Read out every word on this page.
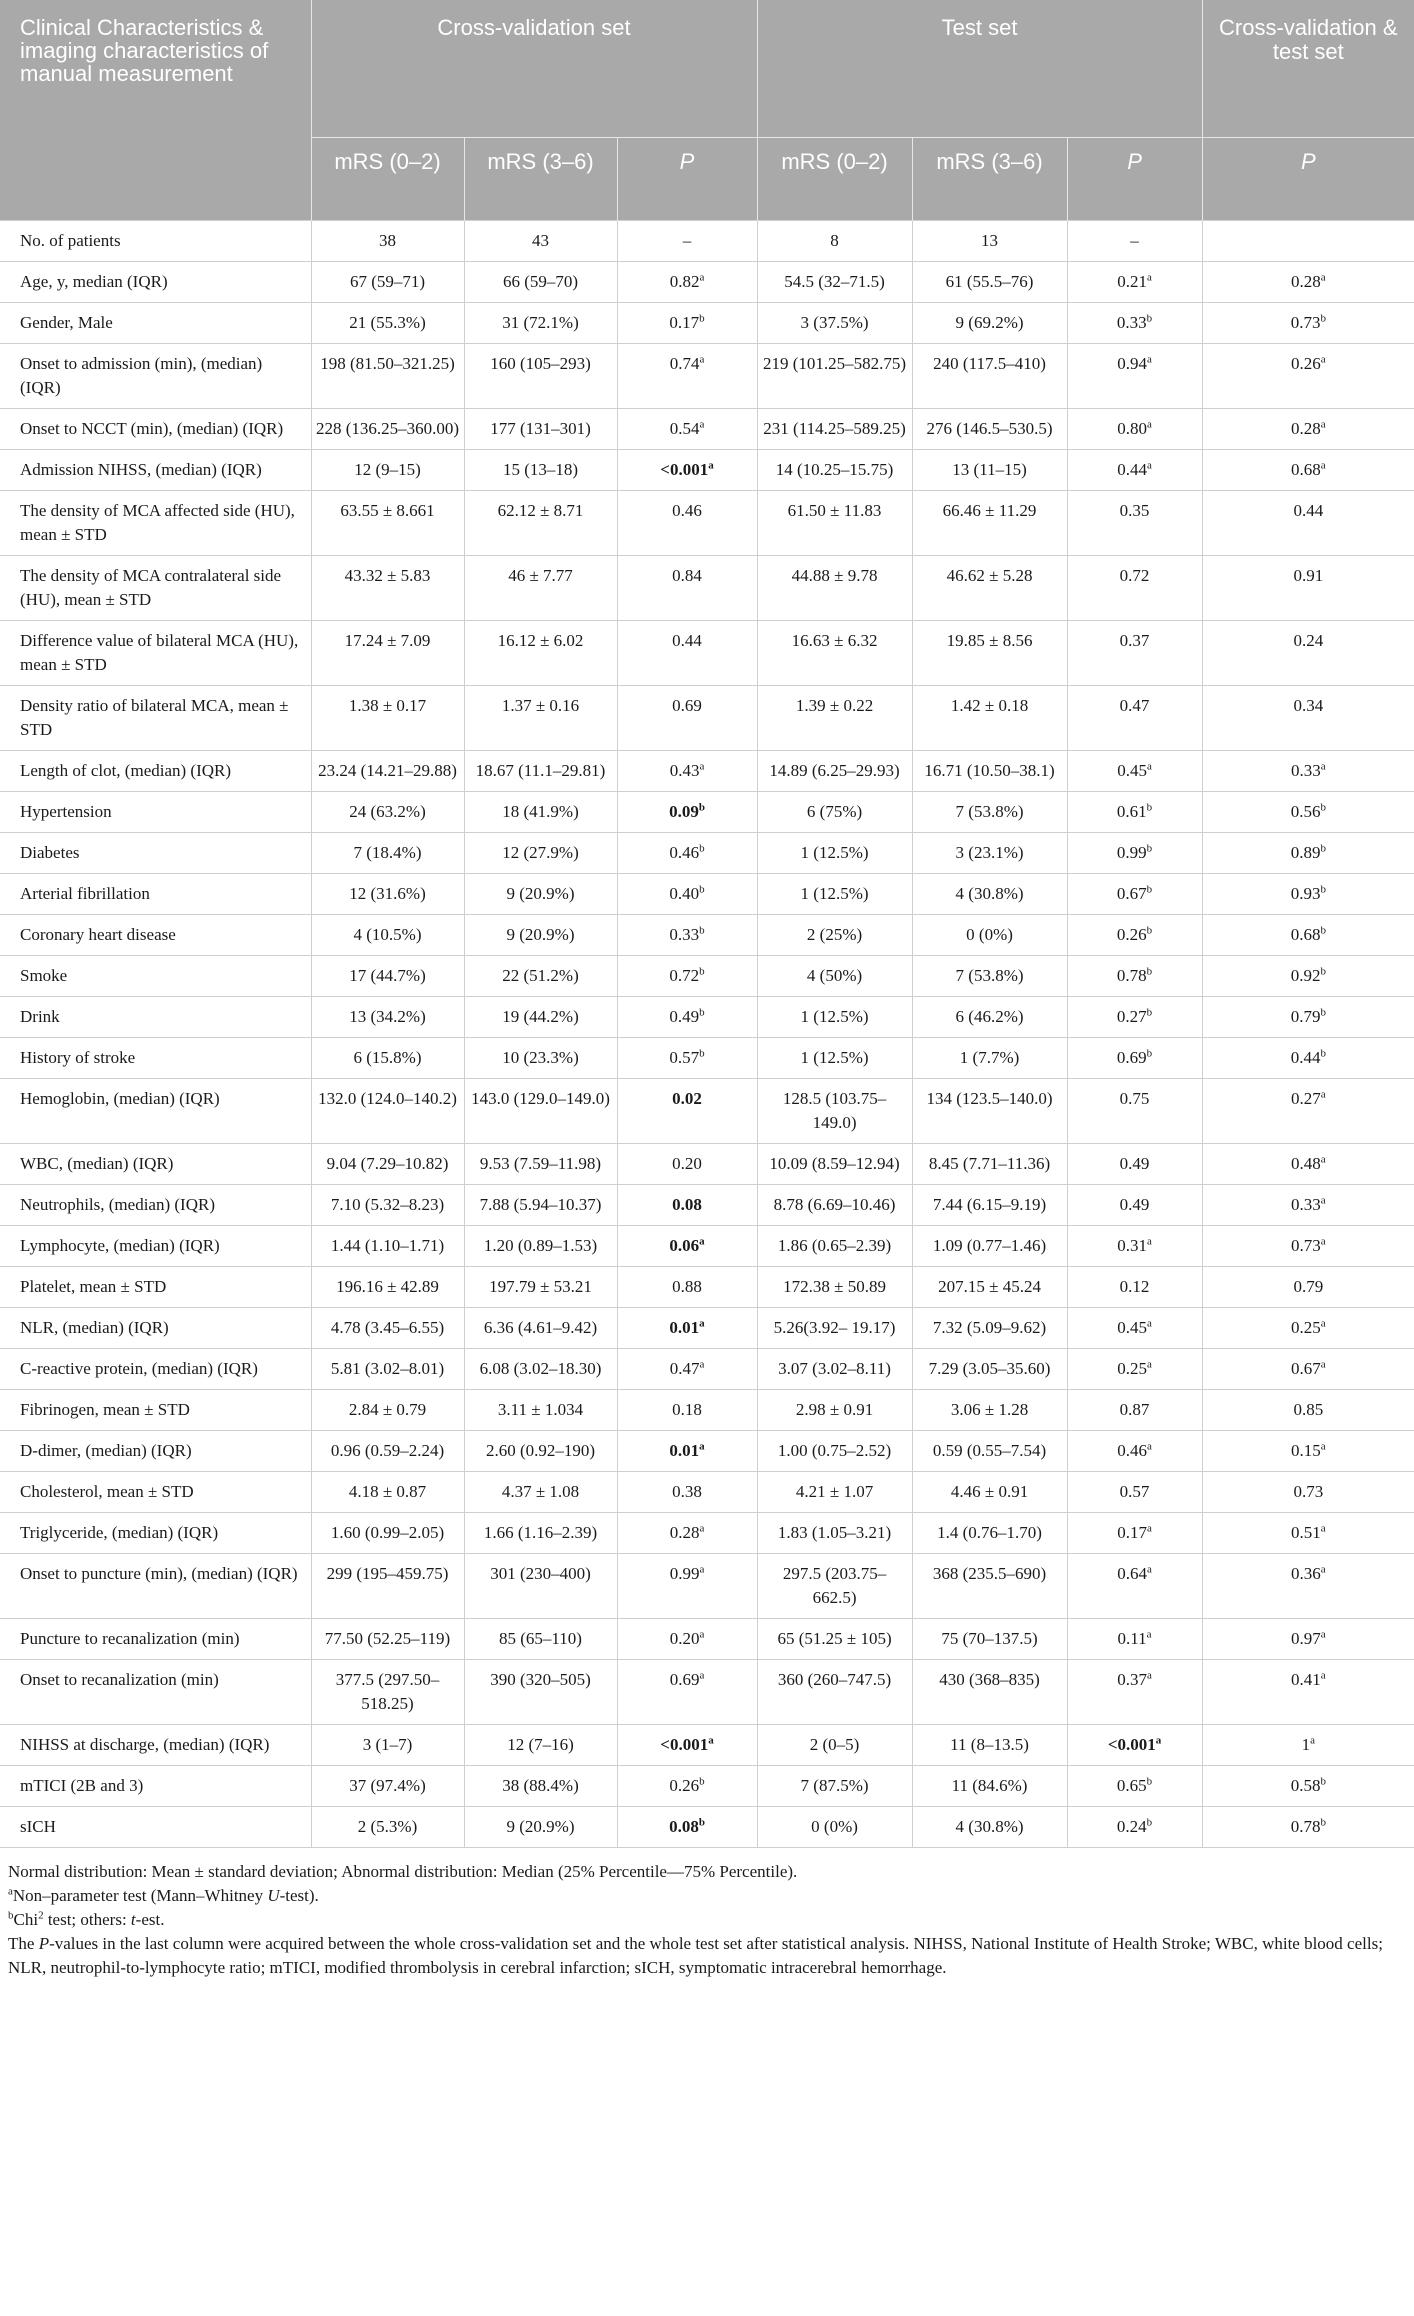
Clinical Characteristics & imaging characteristics of manual measurement	Cross-validation set			Test set			Cross-validation & test set
	mRS (0–2)	mRS (3–6)	P	mRS (0–2)	mRS (3–6)	P	P
No. of patients	38	43	–	8	13	–	
Age, y, median (IQR)	67 (59–71)	66 (59–70)	0.82$^a$	54.5 (32–71.5)	61 (55.5–76)	0.21$^a$	0.28$^a$
Gender, Male	21 (55.3%)	31 (72.1%)	0.17$^b$	3 (37.5%)	9 (69.2%)	0.33$^b$	0.73$^b$
Onset to admission (min), (median) (IQR)	198 (81.50–321.25)	160 (105–293)	0.74$^a$	219 (101.25–582.75)	240 (117.5–410)	0.94$^a$	0.26$^a$
Onset to NCCT (min), (median) (IQR)	228 (136.25–360.00)	177 (131–301)	0.54$^a$	231 (114.25–589.25)	276 (146.5–530.5)	0.80$^a$	0.28$^a$
Admission NIHSS, (median) (IQR)	12 (9–15)	15 (13–18)	<0.001$^a$	14 (10.25–15.75)	13 (11–15)	0.44$^a$	0.68$^a$
The density of MCA affected side (HU), mean ± STD	63.55 ± 8.661	62.12 ± 8.71	0.46	61.50 ± 11.83	66.46 ± 11.29	0.35	0.44
The density of MCA contralateral side (HU), mean ± STD	43.32 ± 5.83	46 ± 7.77	0.84	44.88 ± 9.78	46.62 ± 5.28	0.72	0.91
Difference value of bilateral MCA (HU), mean ± STD	17.24 ± 7.09	16.12 ± 6.02	0.44	16.63 ± 6.32	19.85 ± 8.56	0.37	0.24
Density ratio of bilateral MCA, mean ± STD	1.38 ± 0.17	1.37 ± 0.16	0.69	1.39 ± 0.22	1.42 ± 0.18	0.47	0.34
Length of clot, (median) (IQR)	23.24 (14.21–29.88)	18.67 (11.1–29.81)	0.43$^a$	14.89 (6.25–29.93)	16.71 (10.50–38.1)	0.45$^a$	0.33$^a$
Hypertension	24 (63.2%)	18 (41.9%)	0.09$^b$	6 (75%)	7 (53.8%)	0.61$^b$	0.56$^b$
Diabetes	7 (18.4%)	12 (27.9%)	0.46$^b$	1 (12.5%)	3 (23.1%)	0.99$^b$	0.89$^b$
Arterial fibrillation	12 (31.6%)	9 (20.9%)	0.40$^b$	1 (12.5%)	4 (30.8%)	0.67$^b$	0.93$^b$
Coronary heart disease	4 (10.5%)	9 (20.9%)	0.33$^b$	2 (25%)	0 (0%)	0.26$^b$	0.68$^b$
Smoke	17 (44.7%)	22 (51.2%)	0.72$^b$	4 (50%)	7 (53.8%)	0.78$^b$	0.92$^b$
Drink	13 (34.2%)	19 (44.2%)	0.49$^b$	1 (12.5%)	6 (46.2%)	0.27$^b$	0.79$^b$
History of stroke	6 (15.8%)	10 (23.3%)	0.57$^b$	1 (12.5%)	1 (7.7%)	0.69$^b$	0.44$^b$
Hemoglobin, (median) (IQR)	132.0 (124.0–140.2)	143.0 (129.0–149.0)	0.02	128.5 (103.75–149.0)	134 (123.5–140.0)	0.75	0.27$^a$
WBC, (median) (IQR)	9.04 (7.29–10.82)	9.53 (7.59–11.98)	0.20	10.09 (8.59–12.94)	8.45 (7.71–11.36)	0.49	0.48$^a$
Neutrophils, (median) (IQR)	7.10 (5.32–8.23)	7.88 (5.94–10.37)	0.08	8.78 (6.69–10.46)	7.44 (6.15–9.19)	0.49	0.33$^a$
Lymphocyte, (median) (IQR)	1.44 (1.10–1.71)	1.20 (0.89–1.53)	0.06$^a$	1.86 (0.65–2.39)	1.09 (0.77–1.46)	0.31$^a$	0.73$^a$
Platelet, mean ± STD	196.16 ± 42.89	197.79 ± 53.21	0.88	172.38 ± 50.89	207.15 ± 45.24	0.12	0.79
NLR, (median) (IQR)	4.78 (3.45–6.55)	6.36 (4.61–9.42)	0.01$^a$	5.26(3.92– 19.17)	7.32 (5.09–9.62)	0.45$^a$	0.25$^a$
C-reactive protein, (median) (IQR)	5.81 (3.02–8.01)	6.08 (3.02–18.30)	0.47$^a$	3.07 (3.02–8.11)	7.29 (3.05–35.60)	0.25$^a$	0.67$^a$
Fibrinogen, mean ± STD	2.84 ± 0.79	3.11 ± 1.034	0.18	2.98 ± 0.91	3.06 ± 1.28	0.87	0.85
D-dimer, (median) (IQR)	0.96 (0.59–2.24)	2.60 (0.92–190)	0.01$^a$	1.00 (0.75–2.52)	0.59 (0.55–7.54)	0.46$^a$	0.15$^a$
Cholesterol, mean ± STD	4.18 ± 0.87	4.37 ± 1.08	0.38	4.21 ± 1.07	4.46 ± 0.91	0.57	0.73
Triglyceride, (median) (IQR)	1.60 (0.99–2.05)	1.66 (1.16–2.39)	0.28$^a$	1.83 (1.05–3.21)	1.4 (0.76–1.70)	0.17$^a$	0.51$^a$
Onset to puncture (min), (median) (IQR)	299 (195–459.75)	301 (230–400)	0.99$^a$	297.5 (203.75–662.5)	368 (235.5–690)	0.64$^a$	0.36$^a$
Puncture to recanalization (min)	77.50 (52.25–119)	85 (65–110)	0.20$^a$	65 (51.25 ± 105)	75 (70–137.5)	0.11$^a$	0.97$^a$
Onset to recanalization (min)	377.5 (297.50– 518.25)	390 (320–505)	0.69$^a$	360 (260–747.5)	430 (368–835)	0.37$^a$	0.41$^a$
NIHSS at discharge, (median) (IQR)	3 (1–7)	12 (7–16)	<0.001$^a$	2 (0–5)	11 (8–13.5)	<0.001$^a$	1$^a$
mTICI (2B and 3)	37 (97.4%)	38 (88.4%)	0.26$^b$	7 (87.5%)	11 (84.6%)	0.65$^b$	0.58$^b$
sICH	2 (5.3%)	9 (20.9%)	0.08$^b$	0 (0%)	4 (30.8%)	0.24$^b$	0.78$^b$
Normal distribution: Mean ± standard deviation; Abnormal distribution: Median (25% Percentile—75% Percentile).
$^a$Non–parameter test (Mann–Whitney U-test).
$^b$Chi$^2$ test; others: t-est.
The P-values in the last column were acquired between the whole cross-validation set and the whole test set after statistical analysis. NIHSS, National Institute of Health Stroke; WBC, white blood cells; NLR, neutrophil-to-lymphocyte ratio; mTICI, modified thrombolysis in cerebral infarction; sICH, symptomatic intracerebral hemorrhage.
